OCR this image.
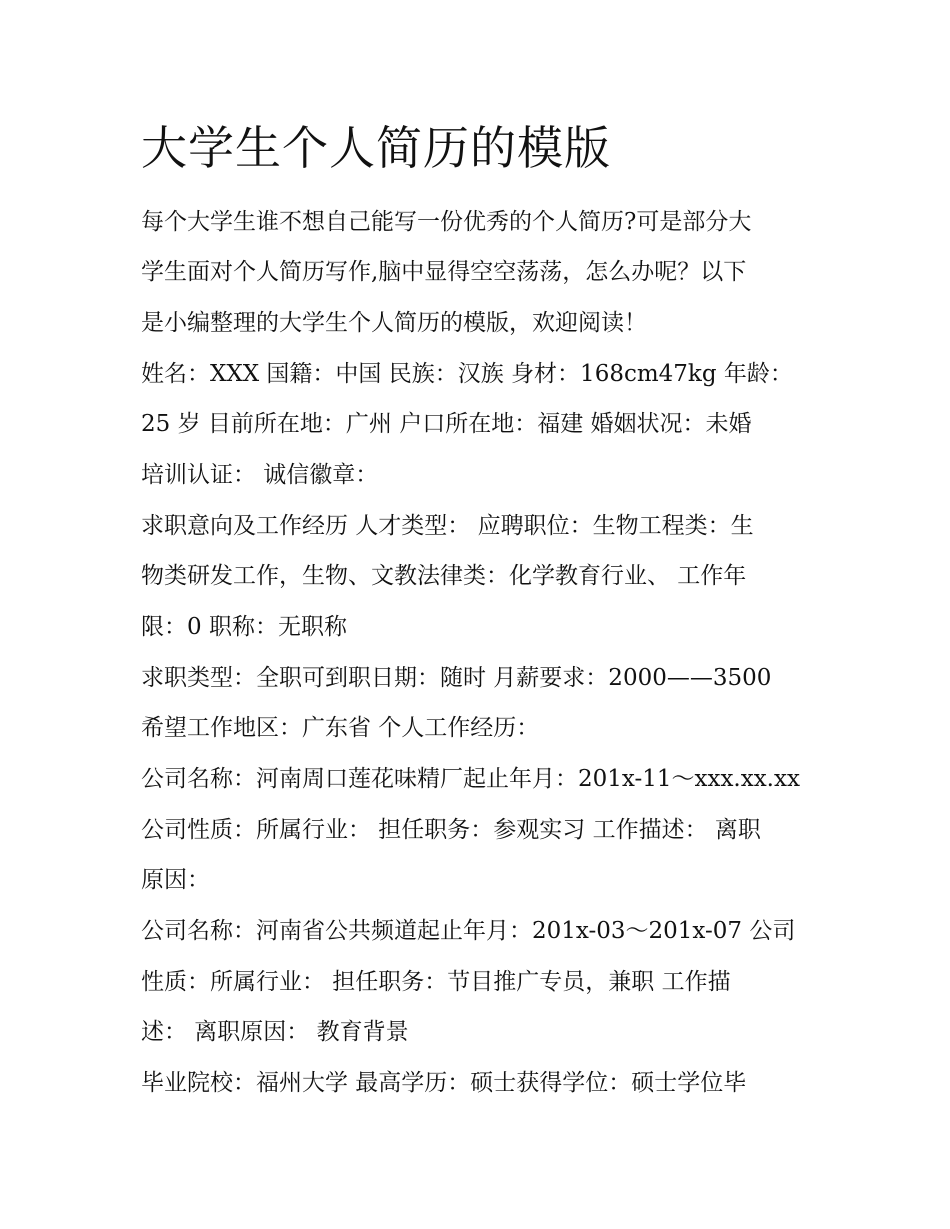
大学生个人简历的模版

每个大学生谁不想自己能写一份优秀的个人简历?可是部分大

学生面对个人简历写作,脑中显得空空荡荡，怎么办呢？以下

是小编整理的大学生个人简历的模版，欢迎阅读！

姓名：XXX 国籍：中国 民族：汉族 身材：168cm47kg 年龄：

25 岁 目前所在地：广州 户口所在地：福建 婚姻状况：未婚

培训认证： 诚信徽章：

求职意向及工作经历 人才类型： 应聘职位：生物工程类：生

物类研发工作，生物、文教法律类：化学教育行业、 工作年

限：0 职称：无职称

求职类型：全职可到职日期：随时 月薪要求：2000——3500

希望工作地区：广东省 个人工作经历：

公司名称：河南周口莲花味精厂起止年月：201x-11～xxx.xx.xx

公司性质：所属行业： 担任职务：参观实习 工作描述： 离职

原因：

公司名称：河南省公共频道起止年月：201x-03～201x-07 公司

性质：所属行业： 担任职务：节目推广专员，兼职 工作描

述： 离职原因： 教育背景

毕业院校：福州大学 最高学历：硕士获得学位：硕士学位毕
